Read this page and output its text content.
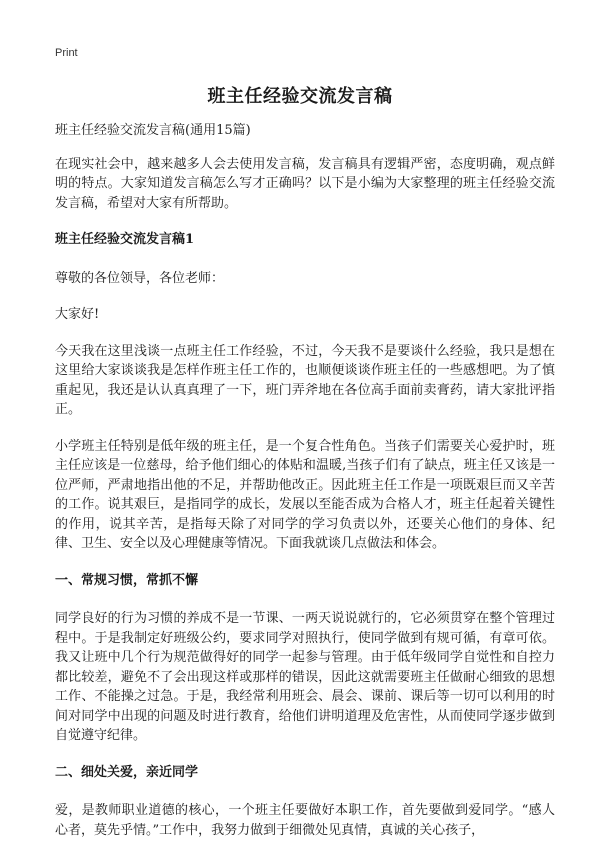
Print
班主任经验交流发言稿

班主任经验交流发言稿(通用15篇)

在现实社会中，越来越多人会去使用发言稿，发言稿具有逻辑严密，态度明确，观点鲜明的特点。大家知道发言稿怎么写才正确吗？以下是小编为大家整理的班主任经验交流发言稿，希望对大家有所帮助。

班主任经验交流发言稿1

尊敬的各位领导，各位老师：

大家好!

今天我在这里浅谈一点班主任工作经验，不过，今天我不是要谈什么经验，我只是想在这里给大家谈谈我是怎样作班主任工作的，也顺便谈谈作班主任的一些感想吧。为了慎重起见，我还是认认真真理了一下，班门弄斧地在各位高手面前卖膏药，请大家批评指正。

小学班主任特别是低年级的班主任，是一个复合性角色。当孩子们需要关心爱护时，班主任应该是一位慈母，给予他们细心的体贴和温暖,当孩子们有了缺点，班主任又该是一位严师，严肃地指出他的不足，并帮助他改正。因此班主任工作是一项既艰巨而又辛苦的工作。说其艰巨，是指同学的成长，发展以至能否成为合格人才，班主任起着关键性的作用，说其辛苦，是指每天除了对同学的学习负责以外，还要关心他们的身体、纪律、卫生、安全以及心理健康等情况。下面我就谈几点做法和体会。

一、常规习惯，常抓不懈

同学良好的行为习惯的养成不是一节课、一两天说说就行的，它必须贯穿在整个管理过程中。于是我制定好班级公约，要求同学对照执行，使同学做到有规可循，有章可依。我又让班中几个行为规范做得好的同学一起参与管理。由于低年级同学自觉性和自控力都比较差，避免不了会出现这样或那样的错误，因此这就需要班主任做耐心细致的思想工作、不能操之过急。于是，我经常利用班会、晨会、课前、课后等一切可以利用的时间对同学中出现的问题及时进行教育，给他们讲明道理及危害性，从而使同学逐步做到自觉遵守纪律。

二、细处关爱，亲近同学

爱，是教师职业道德的核心，一个班主任要做好本职工作，首先要做到爱同学。“感人心者，莫先乎情。”工作中，我努力做到于细微处见真情，真诚的关心孩子，
